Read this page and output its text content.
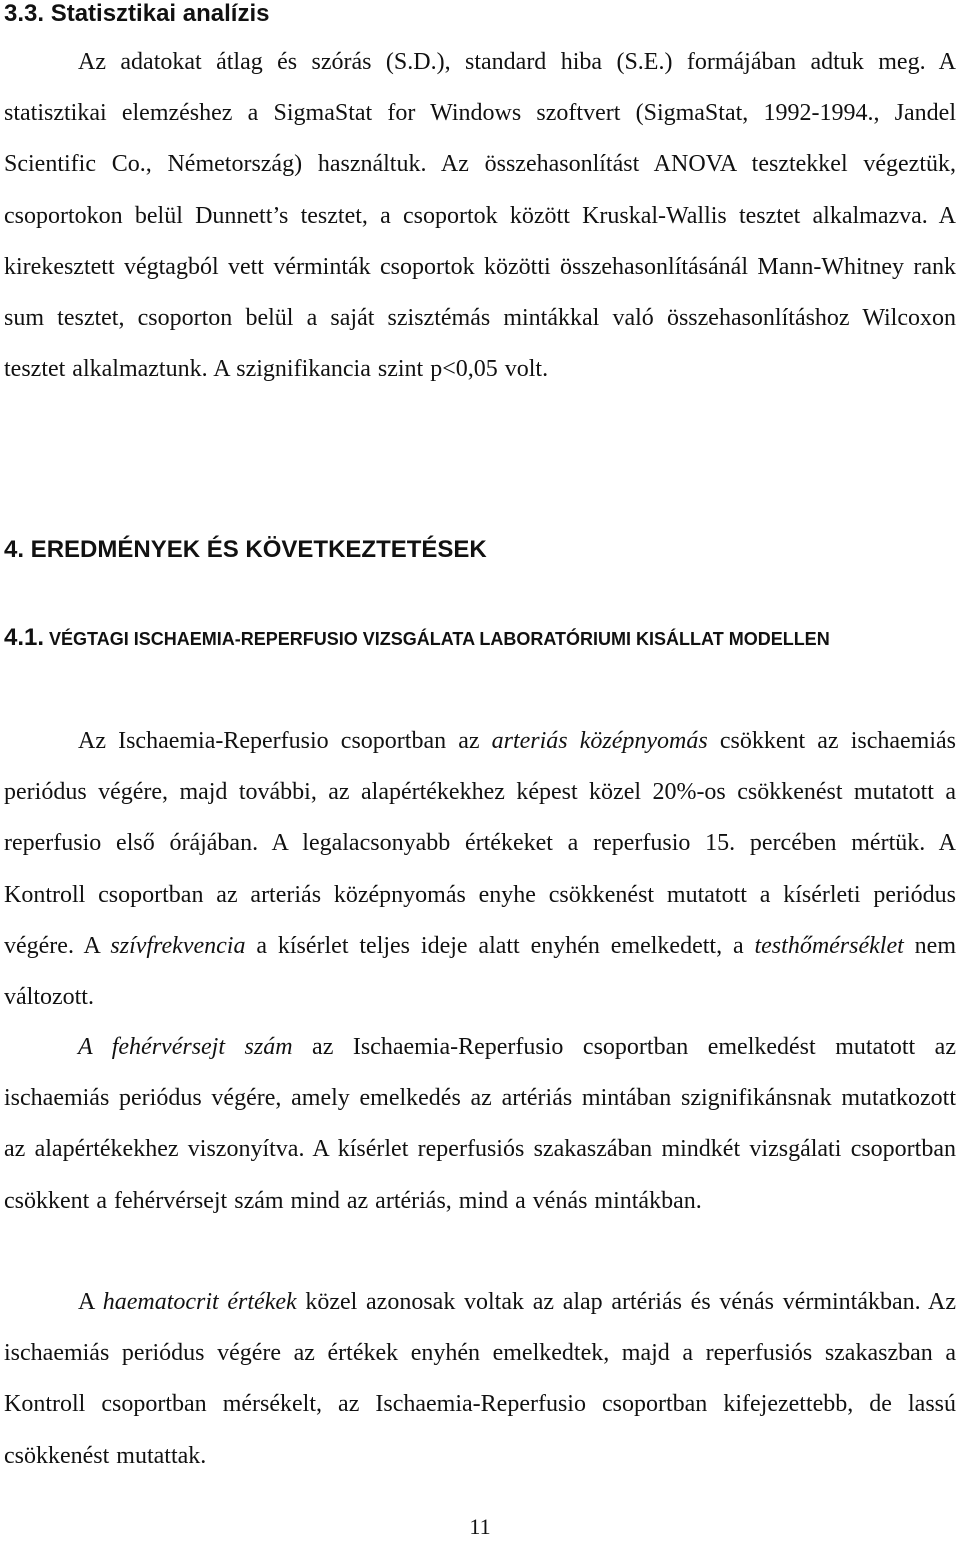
3.3. Statisztikai analízis

Az adatokat átlag és szórás (S.D.), standard hiba (S.E.) formájában adtuk meg. A statisztikai elemzéshez a SigmaStat for Windows szoftvert (SigmaStat, 1992-1994., Jandel Scientific Co., Németország) használtuk. Az összehasonlítást ANOVA tesztekkel végeztük, csoportokon belül Dunnett’s tesztet, a csoportok között Kruskal-Wallis tesztet alkalmazva. A kirekesztett végtagból vett vérminták csoportok közötti összehasonlításánál Mann-Whitney rank sum tesztet, csoporton belül a saját szisztémás mintákkal való összehasonlításhoz Wilcoxon tesztet alkalmaztunk. A szignifikancia szint p<0,05 volt.

4. EREDMÉNYEK ÉS KÖVETKEZTETÉSEK
4.1. VÉGTAGI ISCHAEMIA-REPERFUSIO VIZSGÁLATA LABORATÓRIUMI KISÁLLAT MODELLEN

Az Ischaemia-Reperfusio csoportban az arteriás középnyomás csökkent az ischaemiás periódus végére, majd további, az alapértékekhez képest közel 20%-os csökkenést mutatott a reperfusio első órájában. A legalacsonyabb értékeket a reperfusio 15. percében mértük. A Kontroll csoportban az arteriás középnyomás enyhe csökkenést mutatott a kísérleti periódus végére. A szívfrekvencia a kísérlet teljes ideje alatt enyhén emelkedett, a testhőmérséklet nem változott.

A fehérvérsejt szám az Ischaemia-Reperfusio csoportban emelkedést mutatott az ischaemiás periódus végére, amely emelkedés az artériás mintában szignifikánsnak mutatkozott az alapértékekhez viszonyítva. A kísérlet reperfusiós szakaszában mindkét vizsgálati csoportban csökkent a fehérvérsejt szám mind az artériás, mind a vénás mintákban.

A haematocrit értékek közel azonosak voltak az alap artériás és vénás vérmintákban. Az ischaemiás periódus végére az értékek enyhén emelkedtek, majd a reperfusiós szakaszban a Kontroll csoportban mérsékelt, az Ischaemia-Reperfusio csoportban kifejezettebb, de lassú csökkenést mutattak.

11
